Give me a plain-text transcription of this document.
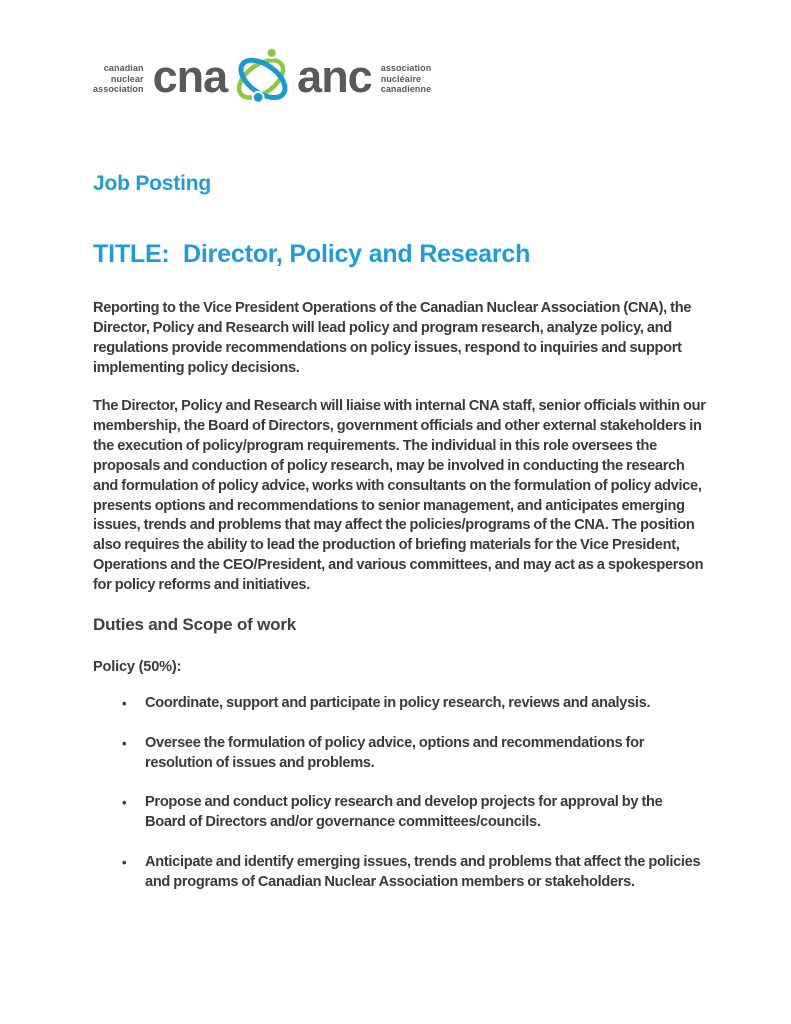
canadian
nuclear
association cna anc association
nucléaire
canadienne
Job Posting
TITLE:  Director, Policy and Research

Reporting to the Vice President Operations of the Canadian Nuclear Association (CNA), the Director, Policy and Research will lead policy and program research, analyze policy, and regulations provide recommendations on policy issues, respond to inquiries and support implementing policy decisions.

The Director, Policy and Research will liaise with internal CNA staff, senior officials within our membership, the Board of Directors, government officials and other external stakeholders in the execution of policy/program requirements. The individual in this role oversees the proposals and conduction of policy research, may be involved in conducting the research and formulation of policy advice, works with consultants on the formulation of policy advice, presents options and recommendations to senior management, and anticipates emerging issues, trends and problems that may affect the policies/programs of the CNA. The position also requires the ability to lead the production of briefing materials for the Vice President, Operations and the CEO/President, and various committees, and may act as a spokesperson for policy reforms and initiatives.

Duties and Scope of work
Policy (50%):
• Coordinate, support and participate in policy research, reviews and analysis.
• Oversee the formulation of policy advice, options and recommendations for resolution of issues and problems.
• Propose and conduct policy research and develop projects for approval by the Board of Directors and/or governance committees/councils.
• Anticipate and identify emerging issues, trends and problems that affect the policies and programs of Canadian Nuclear Association members or stakeholders.
